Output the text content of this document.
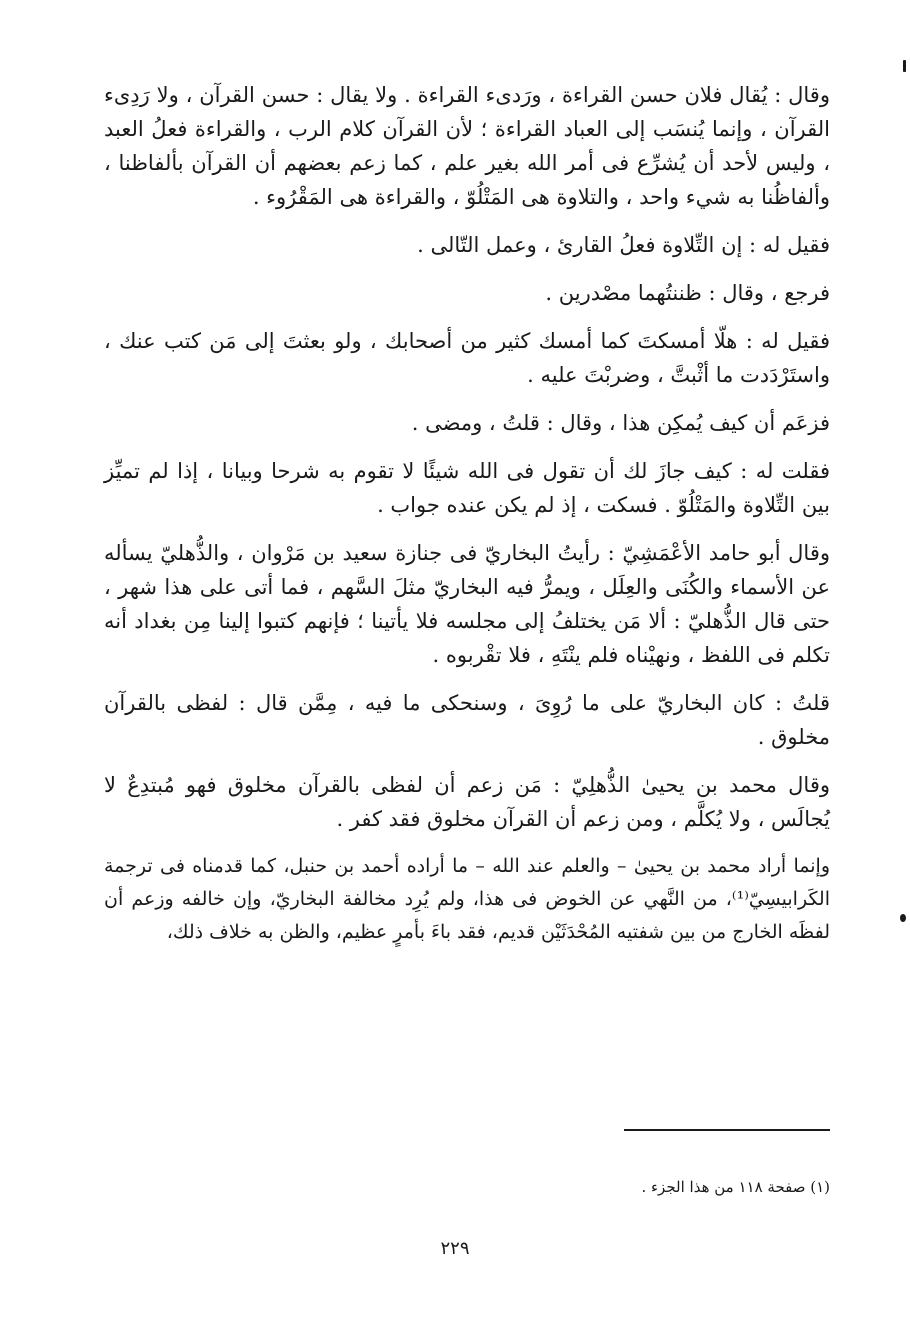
وقال : يُقال فلان حسن القراءة ، ورَدىء القراءة . ولا يقال : حسن القرآن ، ولا رَدِىء القرآن ، وإنما يُنسَب إلى العباد القراءة ؛ لأن القرآن كلام الرب ، والقراءة فعلُ العبد ، وليس لأحد أن يُشرِّع فى أمر الله بغير علم ، كما زعم بعضهم أن القرآن بألفاظنا ، وألفاظُنا به شيء واحد ، والتلاوة هى المَتْلُوّ ، والقراءة هى المَقْرُوء .

فقيل له : إن التِّلاوة فعلُ القارئ ، وعمل التّالى .

فرجع ، وقال : ظننتُهما مصْدرين .

فقيل له : هلّا أمسكتَ كما أمسك كثير من أصحابك ، ولو بعثتَ إلى مَن كتب عنك ، واستَرْدَدت ما أثْبتَّ ، وضربْتَ عليه .

فزعَم أن كيف يُمكِن هذا ، وقال : قلتُ ، ومضى .

فقلت له : كيف جازَ لك أن تقول فى الله شيئًا لا تقوم به شرحا وبيانا ، إذا لم تميِّز بين التِّلاوة والمَتْلُوّ . فسكت ، إذ لم يكن عنده جواب .

وقال أبو حامد الأعْمَشِيّ : رأيتُ البخاريّ فى جنازة سعيد بن مَرْوان ، والذُّهليّ يسأله عن الأسماء والكُنَى والعِلَل ، ويمرُّ فيه البخاريّ مثلَ السَّهم ، فما أتى على هذا شهر ، حتى قال الذُّهليّ : ألا مَن يختلفُ إلى مجلسه فلا يأتينا ؛ فإنهم كتبوا إلينا مِن بغداد أنه تكلم فى اللفظ ، ونهيْناه فلم ينْتَهِ ، فلا تقْربوه .

قلتُ : كان البخاريّ على ما رُوِىَ ، وسنحكى ما فيه ، مِمَّن قال : لفظى بالقرآن مخلوق .

وقال محمد بن يحيىٰ الذُّهلِيّ : مَن زعم أن لفظى بالقرآن مخلوق فهو مُبتدِعٌ لا يُجالَس ، ولا يُكلَّم ، ومن زعم أن القرآن مخلوق فقد كفر .

وإنما أراد محمد بن يحيىٰ – والعلم عند الله – ما أراده أحمد بن حنبل، كما قدمناه فى ترجمة الكَرابيسِيّ⁽¹⁾، من النَّهي عن الخوض فى هذا، ولم يُرِد مخالفة البخاريّ، وإن خالفه وزعم أن لفظَه الخارج من بين شفتيه المُحْدَثَيْن قديم، فقد باءَ بأمرٍ عظيم، والظن به خلاف ذلك،

(١) صفحة ١١٨ من هذا الجزء .
٢٢٩
